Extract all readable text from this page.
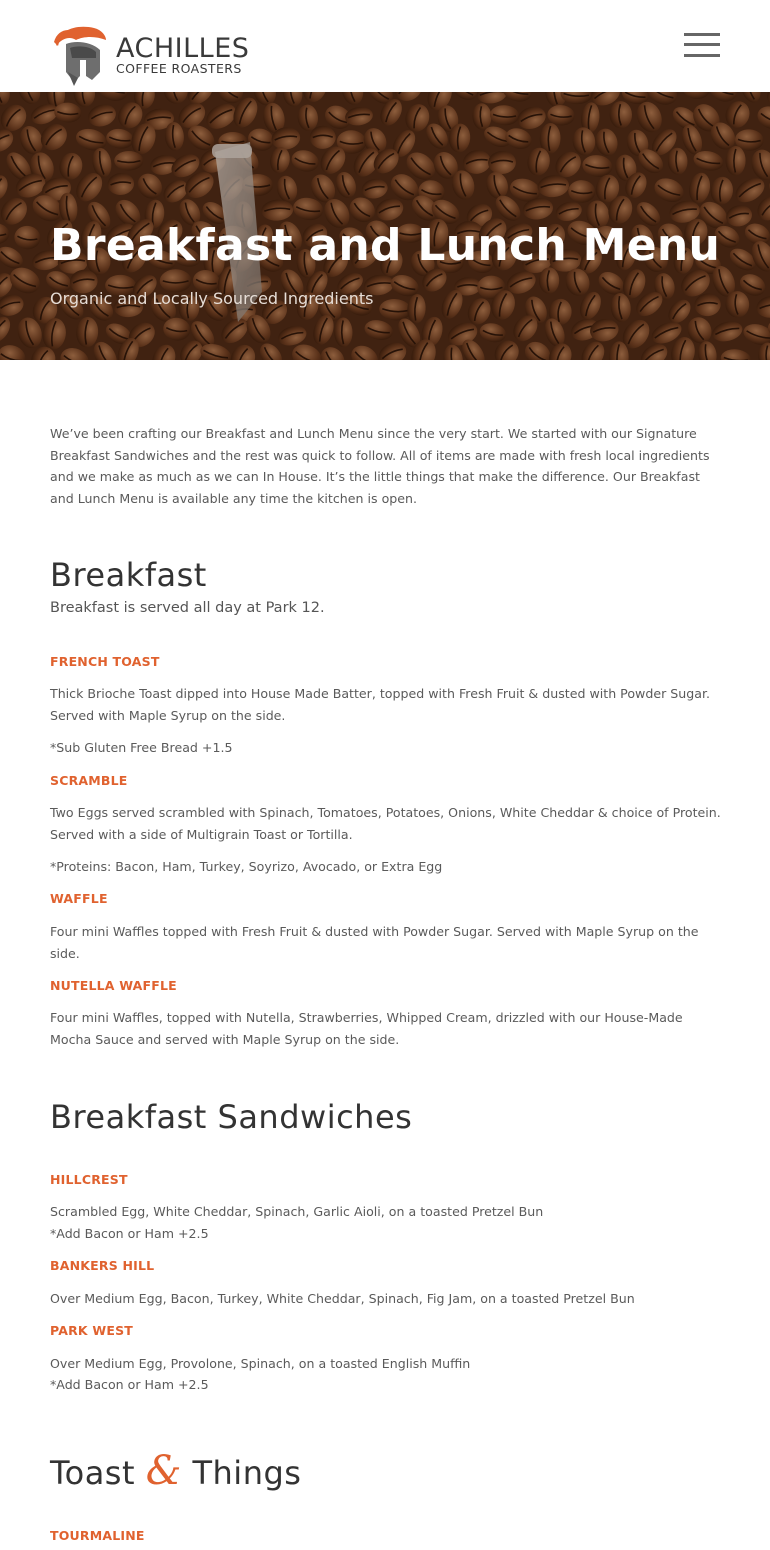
ACHILLES
COFFEE ROASTERS
Breakfast and Lunch Menu
Organic and Locally Sourced Ingredients

We’ve been crafting our Breakfast and Lunch Menu since the very start. We started with our Signature Breakfast Sandwiches and the rest was quick to follow. All of items are made with fresh local ingredients and we make as much as we can In House. It’s the little things that make the difference. Our Breakfast and Lunch Menu is available any time the kitchen is open.

Breakfast
Breakfast is served all day at Park 12.
FRENCH TOAST
Thick Brioche Toast dipped into House Made Batter, topped with Fresh Fruit & dusted with Powder Sugar. Served with Maple Syrup on the side.
*Sub Gluten Free Bread +1.5
SCRAMBLE
Two Eggs served scrambled with Spinach, Tomatoes, Potatoes, Onions, White Cheddar & choice of Protein. Served with a side of Multigrain Toast or Tortilla.
*Proteins: Bacon, Ham, Turkey, Soyrizo, Avocado, or Extra Egg
WAFFLE
Four mini Waffles topped with Fresh Fruit & dusted with Powder Sugar. Served with Maple Syrup on the side.
NUTELLA WAFFLE
Four mini Waffles, topped with Nutella, Strawberries, Whipped Cream, drizzled with our House-Made Mocha Sauce and served with Maple Syrup on the side.
Breakfast Sandwiches
HILLCREST
Scrambled Egg, White Cheddar, Spinach, Garlic Aioli, on a toasted Pretzel Bun
*Add Bacon or Ham +2.5
BANKERS HILL
Over Medium Egg, Bacon, Turkey, White Cheddar, Spinach, Fig Jam, on a toasted Pretzel Bun
PARK WEST
Over Medium Egg, Provolone, Spinach, on a toasted English Muffin
*Add Bacon or Ham +2.5
Toast & Things
TOURMALINE
